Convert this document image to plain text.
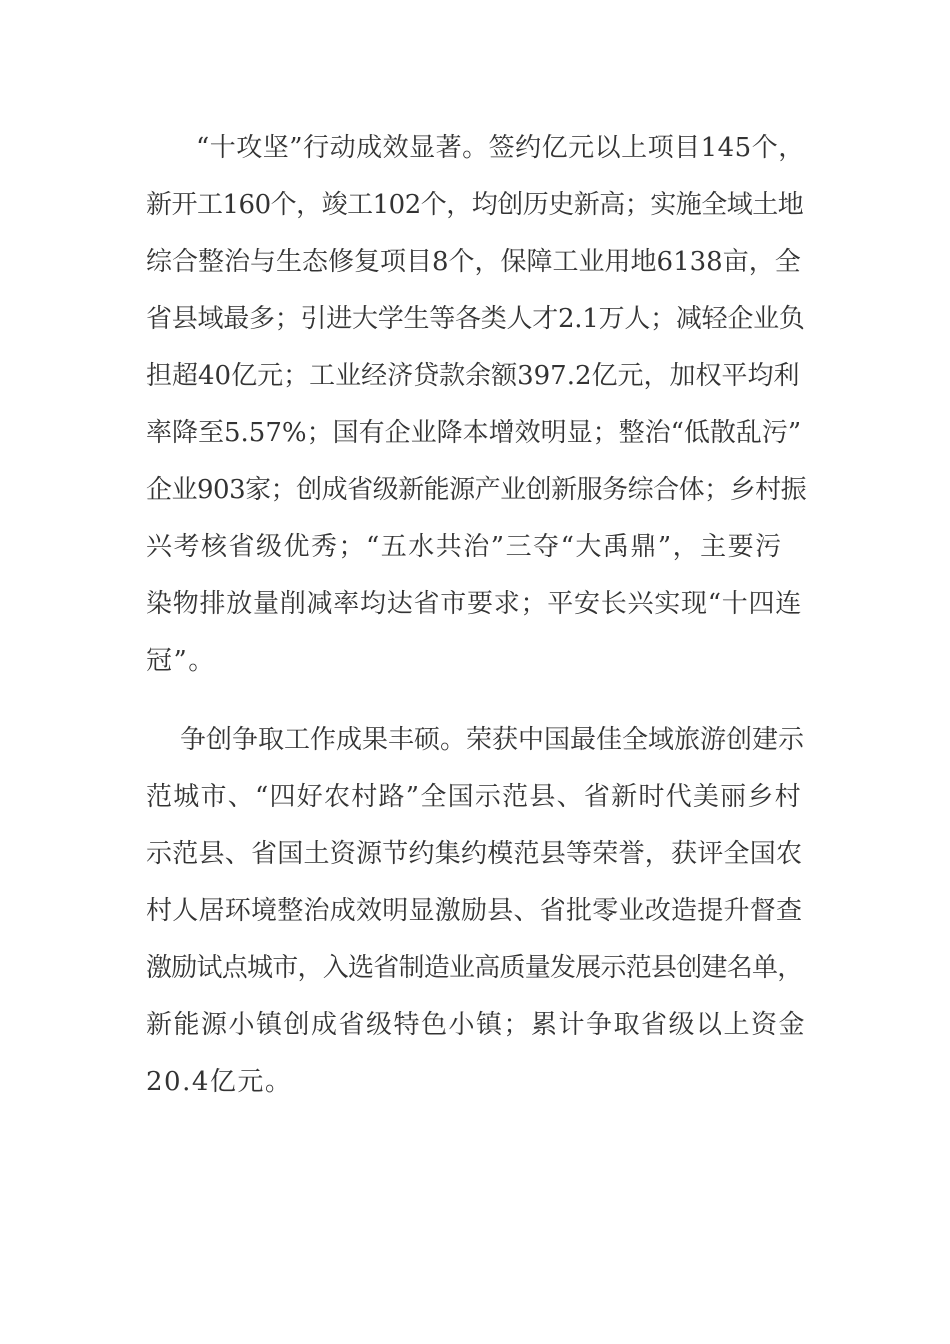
“十攻坚”行动成效显著。签约亿元以上项目145个，
新开工160个，竣工102个，均创历史新高；实施全域土地
综合整治与生态修复项目8个，保障工业用地6138亩，全
省县域最多；引进大学生等各类人才2.1万人；减轻企业负
担超40亿元；工业经济贷款余额397.2亿元，加权平均利
率降至5.57%；国有企业降本增效明显；整治“低散乱污”
企业903家；创成省级新能源产业创新服务综合体；乡村振
兴考核省级优秀；“五水共治”三夺“大禹鼎”，主要污
染物排放量削减率均达省市要求；平安长兴实现“十四连
冠”。
争创争取工作成果丰硕。荣获中国最佳全域旅游创建示
范城市、“四好农村路”全国示范县、省新时代美丽乡村
示范县、省国土资源节约集约模范县等荣誉，获评全国农
村人居环境整治成效明显激励县、省批零业改造提升督查
激励试点城市，入选省制造业高质量发展示范县创建名单，
新能源小镇创成省级特色小镇；累计争取省级以上资金
20.4亿元。
